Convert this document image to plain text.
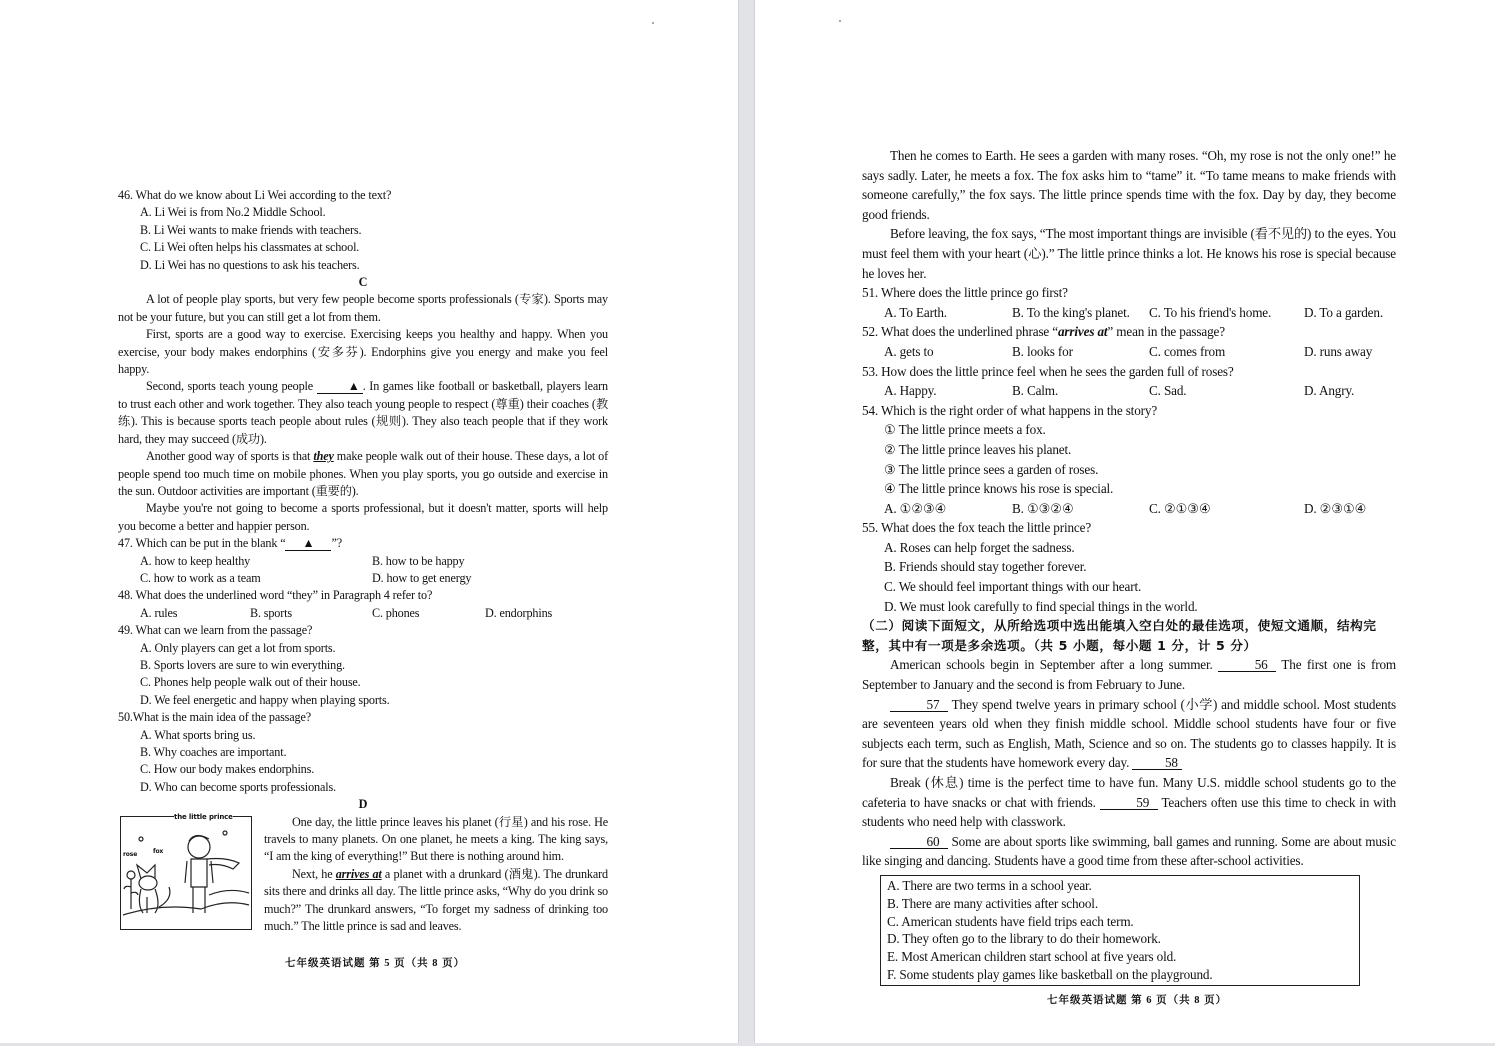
46. What do we know about Li Wei according to the text?

A. Li Wei is from No.2 Middle School.

B. Li Wei wants to make friends with teachers.

C. Li Wei often helps his classmates at school.

D. Li Wei has no questions to ask his teachers.

C

A lot of people play sports, but very few people become sports professionals (专家). Sports may not be your future, but you can still get a lot from them.

First, sports are a good way to exercise. Exercising keeps you healthy and happy. When you exercise, your body makes endorphins (安多芬). Endorphins give you energy and make you feel happy.

Second, sports teach young people	▲ . In games like football or basketball, players learn to trust each other and work together. They also teach young people to respect (尊重) their coaches (教练). This is because sports teach people about rules (规则). They also teach people that if they work hard, they may succeed (成功).

Another good way of sports is that they make people walk out of their house. These days, a lot of people spend too much time on mobile phones. When you play sports, you go outside and exercise in the sun. Outdoor activities are important (重要的).

Maybe you're not going to become a sports professional, but it doesn't matter, sports will help you become a better and happier person.

47. Which can be put in the blank “ ▲ ”?

A. how to keep healthy	B. how to be happy
C. how to work as a team	D. how to get energy

48. What does the underlined word “they” in Paragraph 4 refer to?

A. rules	B. sports	C. phones	D. endorphins

49. What can we learn from the passage?

A. Only players can get a lot from sports.

B. Sports lovers are sure to win everything.

C. Phones help people walk out of their house.

D. We feel energetic and happy when playing sports.

50.What is the main idea of the passage?

A. What sports bring us.

B. Why coaches are important.

C. How our body makes endorphins.

D. Who can become sports professionals.

D

the little prince
rose	fox

One day, the little prince leaves his planet (行星) and his rose. He travels to many planets. On one planet, he meets a king. The king says, “I am the king of everything!” But there is nothing around him.

Next, he arrives at a planet with a drunkard (酒鬼). The drunkard sits there and drinks all day. The little prince asks, “Why do you drink so much?” The drunkard answers, “To forget my sadness of drinking too much.” The little prince is sad and leaves.

七年级英语试题 第 5 页（共 8 页）

Then he comes to Earth. He sees a garden with many roses. “Oh, my rose is not the only one!” he says sadly. Later, he meets a fox. The fox asks him to “tame” it. “To tame means to make friends with someone carefully,” the fox says. The little prince spends time with the fox. Day by day, they become good friends.

Before leaving, the fox says, “The most important things are invisible (看不见的) to the eyes. You must feel them with your heart (心).” The little prince thinks a lot. He knows his rose is special because he loves her.

51. Where does the little prince go first?

A. To Earth.	B. To the king's planet.	C. To his friend's home.	D. To a garden.

52. What does the underlined phrase “arrives at” mean in the passage?

A. gets to	B. looks for	C. comes from	D. runs away

53. How does the little prince feel when he sees the garden full of roses?

A. Happy.	B. Calm.	C. Sad.	D. Angry.

54. Which is the right order of what happens in the story?

① The little prince meets a fox.

② The little prince leaves his planet.

③ The little prince sees a garden of roses.

④ The little prince knows his rose is special.

A. ①②③④	B. ①③②④	C. ②①③④	D. ②③①④

55. What does the fox teach the little prince?

A. Roses can help forget the sadness.

B. Friends should stay together forever.

C. We should feel important things with our heart.

D. We must look carefully to find special things in the world.

（二）阅读下面短文，从所给选项中选出能填入空白处的最佳选项，使短文通顺，结构完整，其中有一项是多余选项。（共 5 小题，每小题 1 分，计 5 分）

American schools begin in September after a long summer.	56 The first one is from September to January and the second is from February to June.

57 They spend twelve years in primary school (小学) and middle school. Most students are seventeen years old when they finish middle school. Middle school students have four or five subjects each term, such as English, Math, Science and so on. The students go to classes happily. It is for sure that the students have homework every day. 58

Break (休息) time is the perfect time to have fun. Many U.S. middle school students go to the cafeteria to have snacks or chat with friends.	59 Teachers often use this time to check in with students who need help with classwork.

60 Some are about sports like swimming, ball games and running. Some are about music like singing and dancing. Students have a good time from these after-school activities.

A. There are two terms in a school year.
B. There are many activities after school.
C. American students have field trips each term.
D. They often go to the library to do their homework.
E. Most American children start school at five years old.
F. Some students play games like basketball on the playground.
七年级英语试题 第 6 页（共 8 页）
